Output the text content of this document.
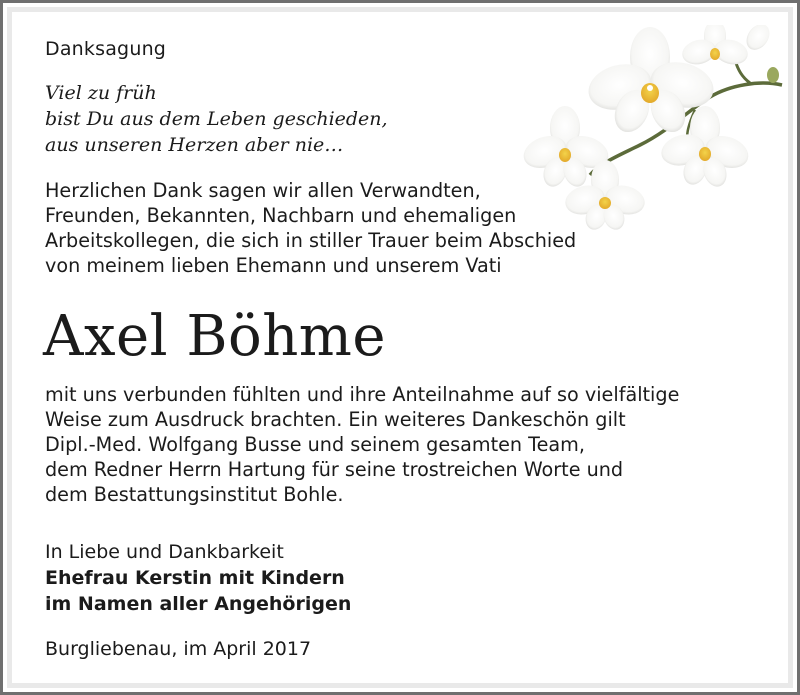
Danksagung
Viel zu früh
bist Du aus dem Leben geschieden,
aus unseren Herzen aber nie…
Herzlichen Dank sagen wir allen Verwandten,
Freunden, Bekannten, Nachbarn und ehemaligen
Arbeitskollegen, die sich in stiller Trauer beim Abschied
von meinem lieben Ehemann und unserem Vati
Axel Böhme
mit uns verbunden fühlten und ihre Anteilnahme auf so vielfältige
Weise zum Ausdruck brachten. Ein weiteres Dankeschön gilt
Dipl.-Med. Wolfgang Busse und seinem gesamten Team,
dem Redner Herrn Hartung für seine trostreichen Worte und
dem Bestattungsinstitut Bohle.
In Liebe und Dankbarkeit
Ehefrau Kerstin mit Kindern
im Namen aller Angehörigen
Burgliebenau, im April 2017
